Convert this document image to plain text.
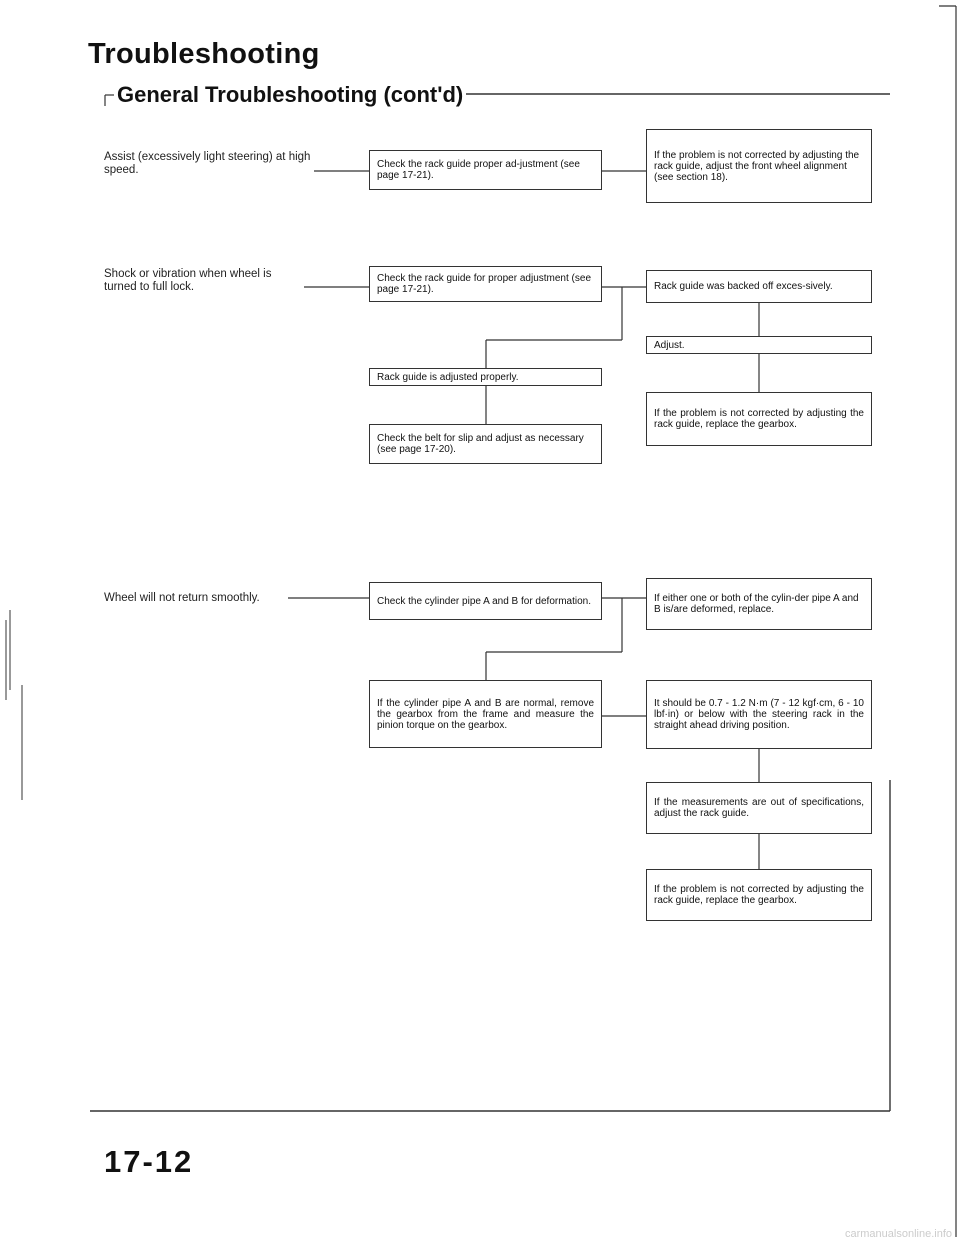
Troubleshooting
General Troubleshooting (cont'd)
Assist (excessively light steering) at high speed.
Shock or vibration when wheel is turned to full lock.
Wheel will not return smoothly.
Check the rack guide proper ad-justment (see page 17-21).
If the problem is not corrected by adjusting the rack guide, adjust the front wheel alignment (see section 18).
Check the rack guide for proper adjustment (see page 17-21).	Rack guide was backed off exces-sively.
Adjust.
Rack guide is adjusted properly.
If the problem is not corrected by adjusting the rack guide, replace the gearbox.
Check the belt for slip and adjust as necessary (see page 17-20).
Check the cylinder pipe A and B for deformation.	If either one or both of the cylin-der pipe A and B is/are deformed, replace.
If the cylinder pipe A and B are normal, remove the gearbox from the frame and measure the pinion torque on the gearbox.
It should be 0.7 - 1.2 N·m (7 - 12 kgf·cm, 6 - 10 lbf·in) or below with the steering rack in the straight ahead driving position.
If the measurements are out of specifications, adjust the rack guide.
If the problem is not corrected by adjusting the rack guide, replace the gearbox.
17-12
carmanualsonline.info
